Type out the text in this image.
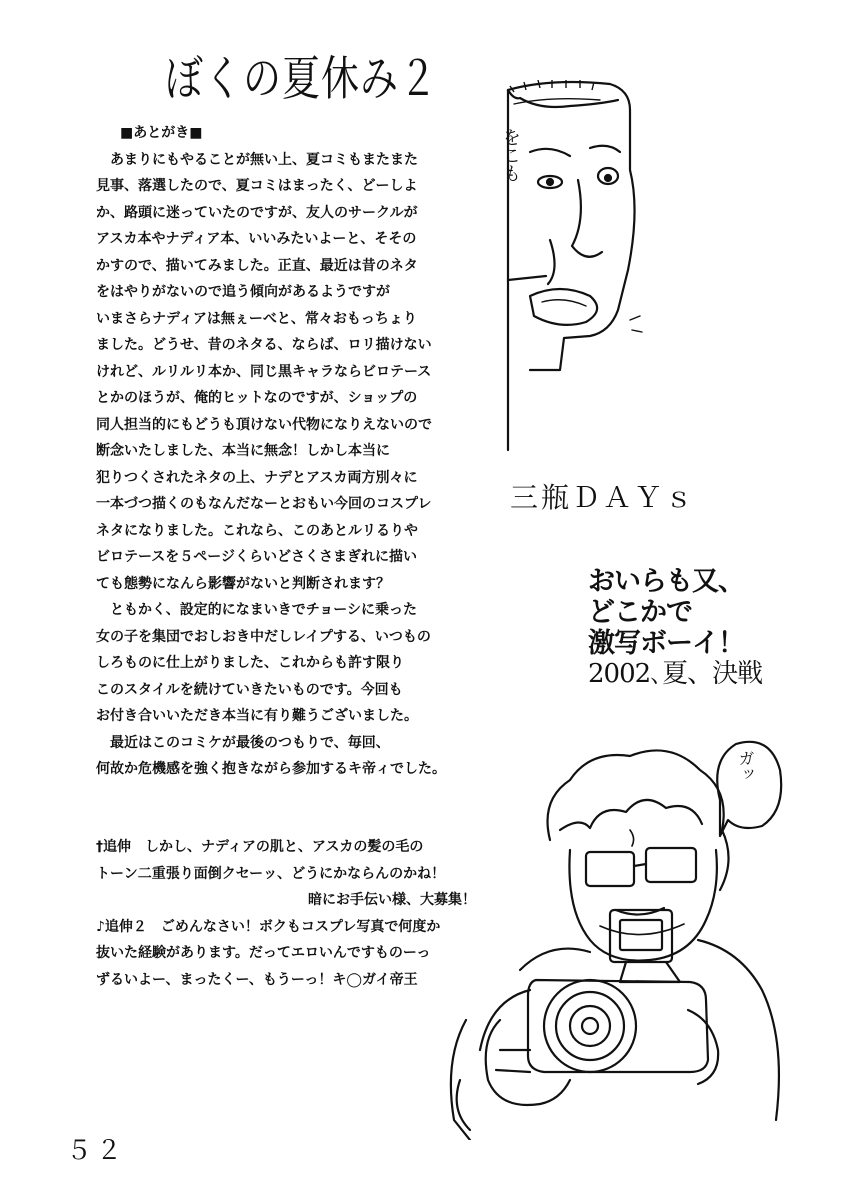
ぼくの夏休み２
■あとがき■
　あまりにもやることが無い上、夏コミもまたまた
見事、落選したので、夏コミはまったく、どーしよ
か、路頭に迷っていたのですが、友人のサークルが
アスカ本やナディア本、いいみたいよーと、そその
かすので、描いてみました。正直、最近は昔のネタ
をはやりがないので追う傾向があるようですが
いまさらナディアは無ぇーべと、常々おもっちょり
ました。どうせ、昔のネタる、ならば、ロリ描けない
けれど、ルリルリ本か、同じ黒キャラならビロテース
とかのほうが、俺的ヒットなのですが、ショップの
同人担当的にもどうも頂けない代物になりえないので
断念いたしました、本当に無念！しかし本当に
犯りつくされたネタの上、ナデとアスカ両方別々に
一本づつ描くのもなんだなーとおもい今回のコスプレ
ネタになりました。これなら、このあとルリるりや
ビロテースを５ページくらいどさくさまぎれに描い
ても態勢になんら影響がないと判断されます？
　ともかく、設定的になまいきでチョーシに乗った
女の子を集団でおしおき中だしレイプする、いつもの
しろものに仕上がりました、これからも許す限り
このスタイルを続けていきたいものです。今回も
お付き合いいただき本当に有り難うございました。
　最近はこのコミケが最後のつもりで、毎回、
何故か危機感を強く抱きながら参加するキ帝ィでした。
†追伸　しかし、ナディアの肌と、アスカの髪の毛の
トーン二重張り面倒クセーッ、どうにかならんのかね！
暗にお手伝い様、大募集！
♪追伸２　ごめんなさい！ボクもコスプレ写真で何度か
抜いた経験があります。だってエロいんですものーっ
ずるいよー、まったくー、もうーっ！キ◯ガイ帝王
をこも
三瓶ＤＡＹｓ
おいらも又、
どこかで
激写ボーイ！
2002､夏、決戦
ガッ
５２
